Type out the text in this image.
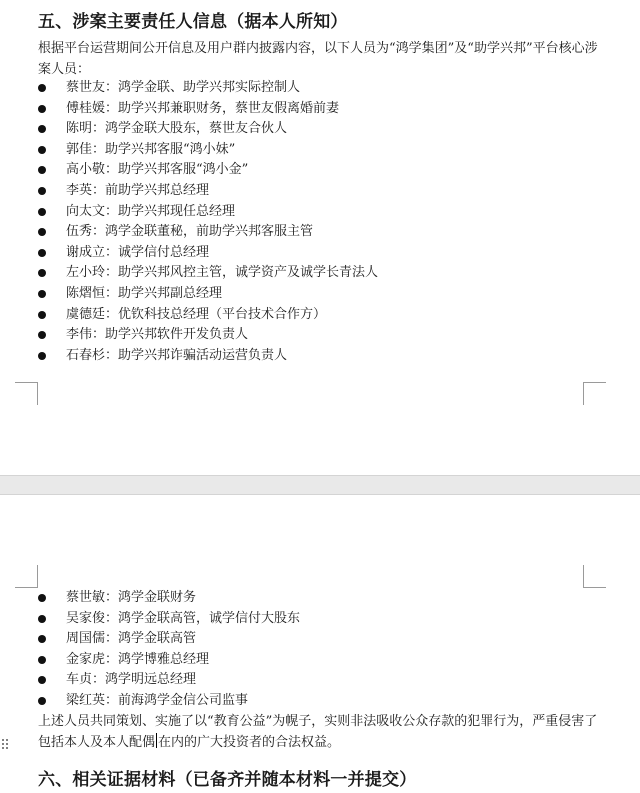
五、涉案主要责任人信息（据本人所知）
根据平台运营期间公开信息及用户群内披露内容，以下人员为“鸿学集团”及“助学兴邦”平台核心涉案人员：
蔡世友：鸿学金联、助学兴邦实际控制人
傅桂媛：助学兴邦兼职财务，蔡世友假离婚前妻
陈明：鸿学金联大股东，蔡世友合伙人
郭佳：助学兴邦客服“鸿小妹”
高小敬：助学兴邦客服“鸿小金”
李英：前助学兴邦总经理
向太文：助学兴邦现任总经理
伍秀：鸿学金联董秘，前助学兴邦客服主管
谢成立：诚学信付总经理
左小玲：助学兴邦风控主管，诚学资产及诚学长青法人
陈熠恒：助学兴邦副总经理
虞德廷：优钦科技总经理（平台技术合作方）
李伟：助学兴邦软件开发负责人
石春杉：助学兴邦诈骗活动运营负责人
蔡世敏：鸿学金联财务
吴家俊：鸿学金联高管，诚学信付大股东
周国儒：鸿学金联高管
金家虎：鸿学博雅总经理
车贞：鸿学明远总经理
梁红英：前海鸿学金信公司监事
上述人员共同策划、实施了以“教育公益”为幌子，实则非法吸收公众存款的犯罪行为，严重侵害了包括本人及本人配偶 在内的广大投资者的合法权益。
六、相关证据材料（已备齐并随本材料一并提交）
